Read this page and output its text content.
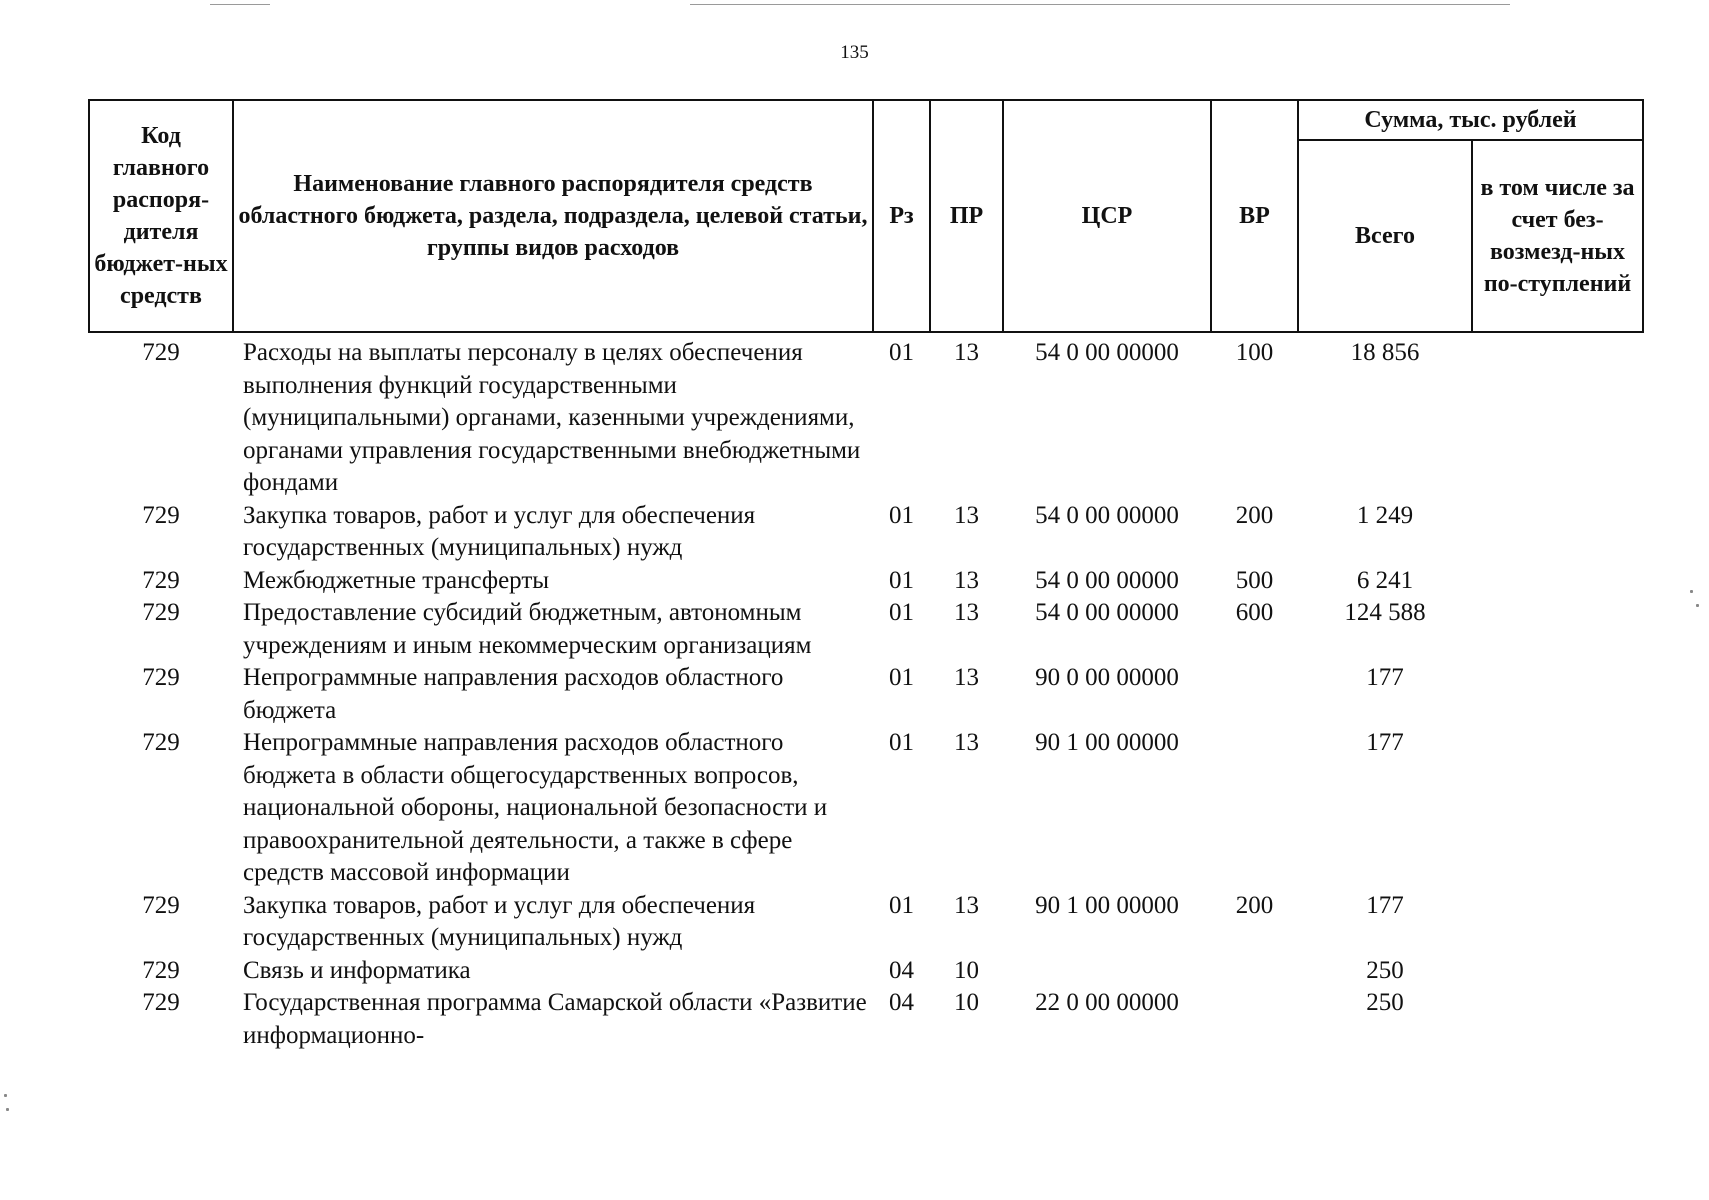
135
Код главного распоря-дителя бюджет-ных средств	Наименование главного распорядителя средств областного бюджета, раздела, подраздела, целевой статьи, группы видов расходов	Рз	ПР	ЦСР	ВР	Сумма, тыс. рублей	
						Всего	в том числе за счет без-возмезд-ных по-ступлений
729	Расходы на выплаты персоналу в целях обеспечения выполнения функций государственными (муниципальными) органами, казенными учреждениями, органами управления государственными внебюджетными фондами	01	13	54 0 00 00000	100	18 856	
729	Закупка товаров, работ и услуг для обеспечения государственных (муниципальных) нужд	01	13	54 0 00 00000	200	1 249	
729	Межбюджетные трансферты	01	13	54 0 00 00000	500	6 241	
729	Предоставление субсидий бюджетным, автономным учреждениям и иным некоммерческим организациям	01	13	54 0 00 00000	600	124 588	
729	Непрограммные направления расходов областного бюджета	01	13	90 0 00 00000		177	
729	Непрограммные направления расходов областного бюджета в области общегосударственных вопросов, национальной обороны, национальной безопасности и правоохранительной деятельности, а также в сфере средств массовой информации	01	13	90 1 00 00000		177	
729	Закупка товаров, работ и услуг для обеспечения государственных (муниципальных) нужд	01	13	90 1 00 00000	200	177	
729	Связь и информатика	04	10			250	
729	Государственная программа Самарской области «Развитие информационно-	04	10	22 0 00 00000		250	
